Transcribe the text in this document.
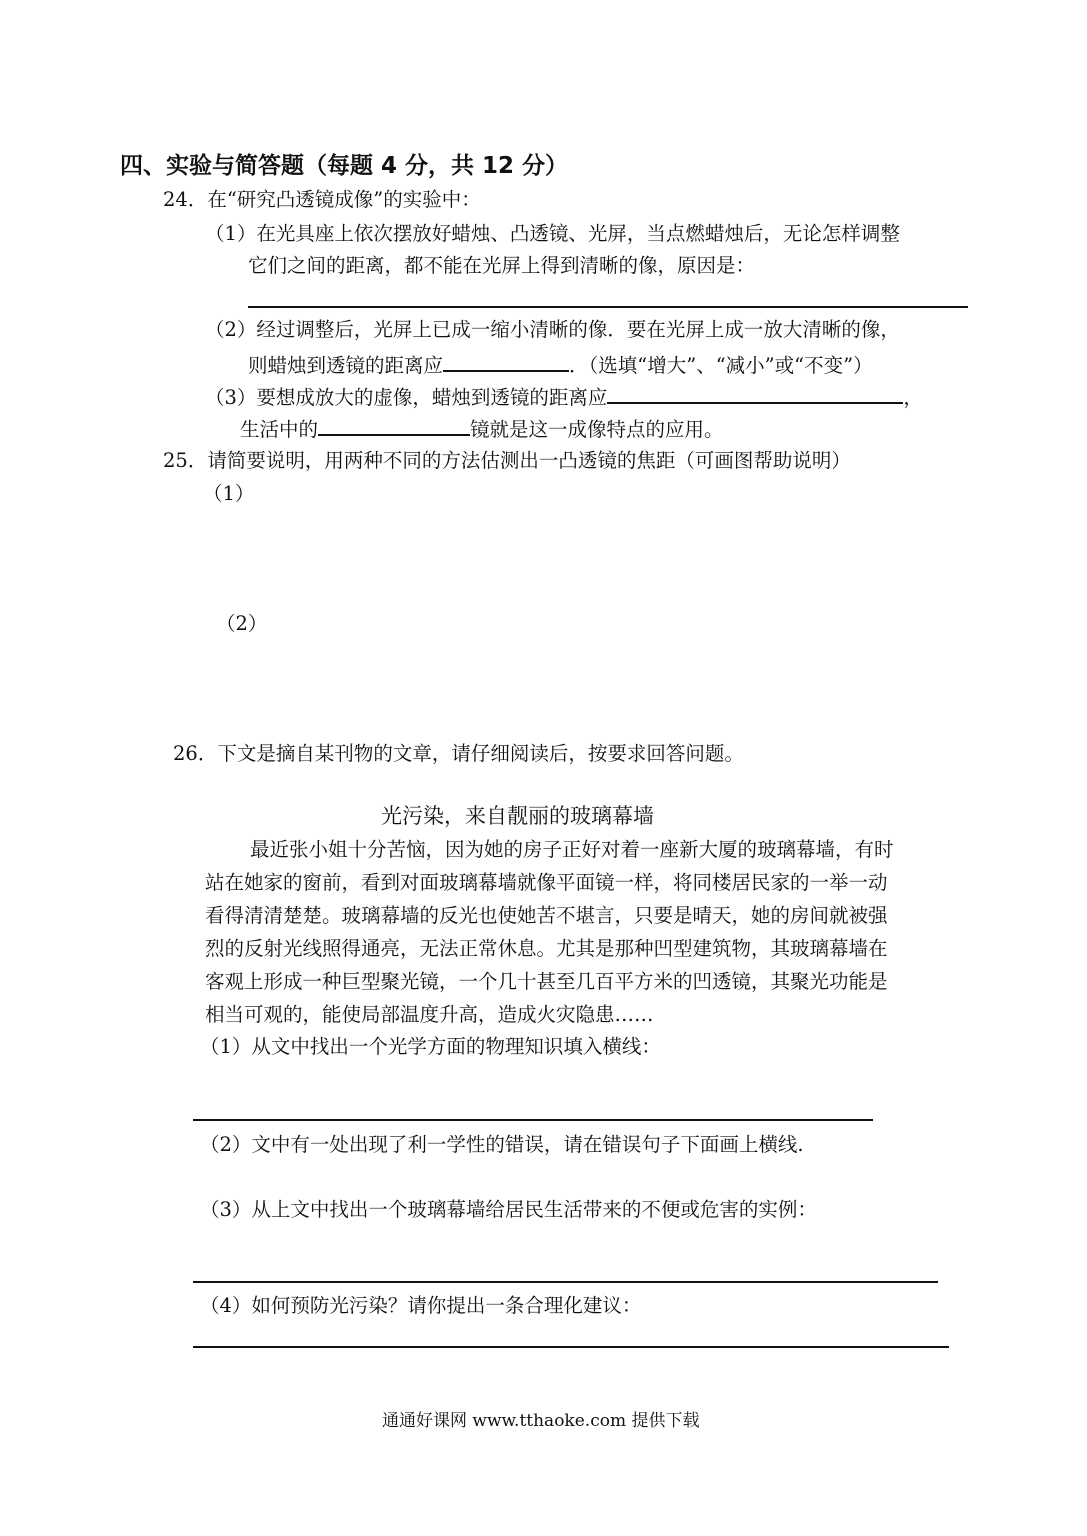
四、实验与简答题（每题 4 分，共 12 分）
24．在“研究凸透镜成像”的实验中：
（1）在光具座上依次摆放好蜡烛、凸透镜、光屏，当点燃蜡烛后，无论怎样调整
它们之间的距离，都不能在光屏上得到清晰的像，原因是：
（2）经过调整后，光屏上已成一缩小清晰的像．要在光屏上成一放大清晰的像，
则蜡烛到透镜的距离应	．（选填“增大”、“减小”或“不变”）
（3）要想成放大的虚像，蜡烛到透镜的距离应	，
生活中的	镜就是这一成像特点的应用。
25．请简要说明，用两种不同的方法估测出一凸透镜的焦距（可画图帮助说明）
（1）
（2）
26．下文是摘自某刊物的文章，请仔细阅读后，按要求回答问题。
光污染，来自靓丽的玻璃幕墙
最近张小姐十分苦恼，因为她的房子正好对着一座新大厦的玻璃幕墙，有时
站在她家的窗前，看到对面玻璃幕墙就像平面镜一样，将同楼居民家的一举一动
看得清清楚楚。玻璃幕墙的反光也使她苦不堪言，只要是晴天，她的房间就被强
烈的反射光线照得通亮，无法正常休息。尤其是那种凹型建筑物，其玻璃幕墙在
客观上形成一种巨型聚光镜，一个几十甚至几百平方米的凹透镜，其聚光功能是
相当可观的，能使局部温度升高，造成火灾隐患……
（1）从文中找出一个光学方面的物理知识填入横线：
（2）文中有一处出现了利一学性的错误，请在错误句子下面画上横线.
（3）从上文中找出一个玻璃幕墙给居民生活带来的不便或危害的实例：
（4）如何预防光污染？请你提出一条合理化建议：
通通好课网 www.tthaoke.com 提供下载
